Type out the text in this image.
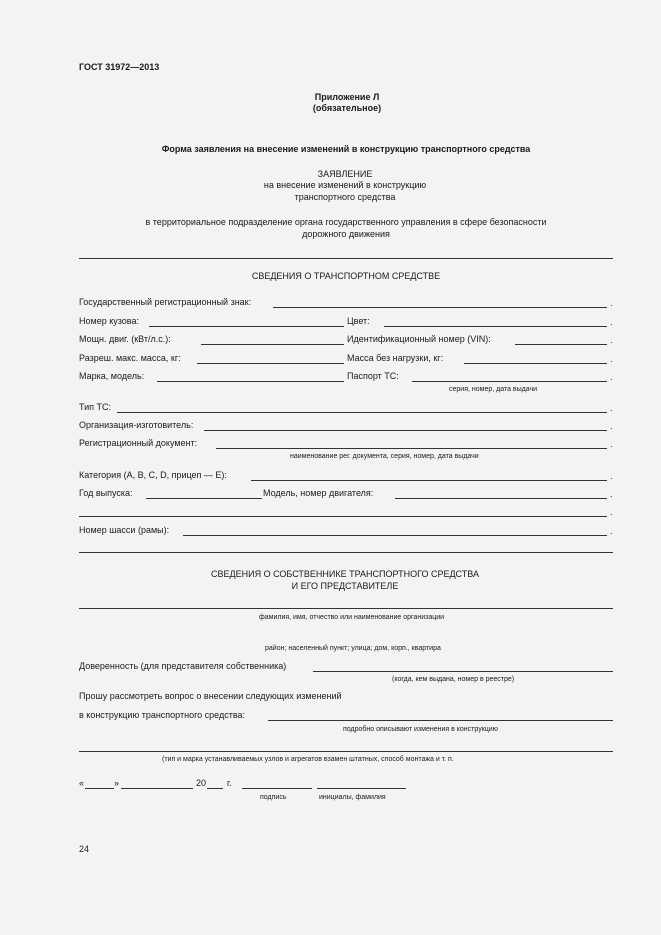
ГОСТ 31972—2013
Приложение Л
(обязательное)
Форма заявления на внесение изменений в конструкцию транспортного средства
ЗАЯВЛЕНИЕ
на внесение изменений в конструкцию
транспортного средства
в территориальное подразделение органа государственного управления в сфере безопасности
дорожного движения
СВЕДЕНИЯ О ТРАНСПОРТНОМ СРЕДСТВЕ
Государственный регистрационный знак:	.
Номер кузова:	Цвет:	.
Мощн. двиг. (кВт/л.с.):	Идентификационный номер (VIN):	.
Разреш. макс. масса, кг:	Масса без нагрузки, кг:	.
Марка, модель:	Паспорт ТС:	.
серия, номер, дата выдачи
Тип ТС:	.
Организация-изготовитель:	.
Регистрационный документ:	.
наименование рег. документа, серия, номер, дата выдачи
Категория (А, В, С, D, прицеп — Е):	.
Год выпуска:	Модель, номер двигателя:	.
.
Номер шасси (рамы):	.
СВЕДЕНИЯ О СОБСТВЕННИКЕ ТРАНСПОРТНОГО СРЕДСТВА
И ЕГО ПРЕДСТАВИТЕЛЕ
фамилия, имя, отчество или наименование организации
район; населенный пункт; улица; дом, корп., квартира
Доверенность (для представителя собственника)
(когда, кем выдана, номер в реестре)
Прошу рассмотреть вопрос о внесении следующих изменений
в конструкцию транспортного средства:
подробно описывают изменения в конструкцию
(тип и марка устанавливаемых узлов и агрегатов взамен штатных, способ монтажа и т. п.
«	»	20 г.
подпись	инициалы, фамилия
24
